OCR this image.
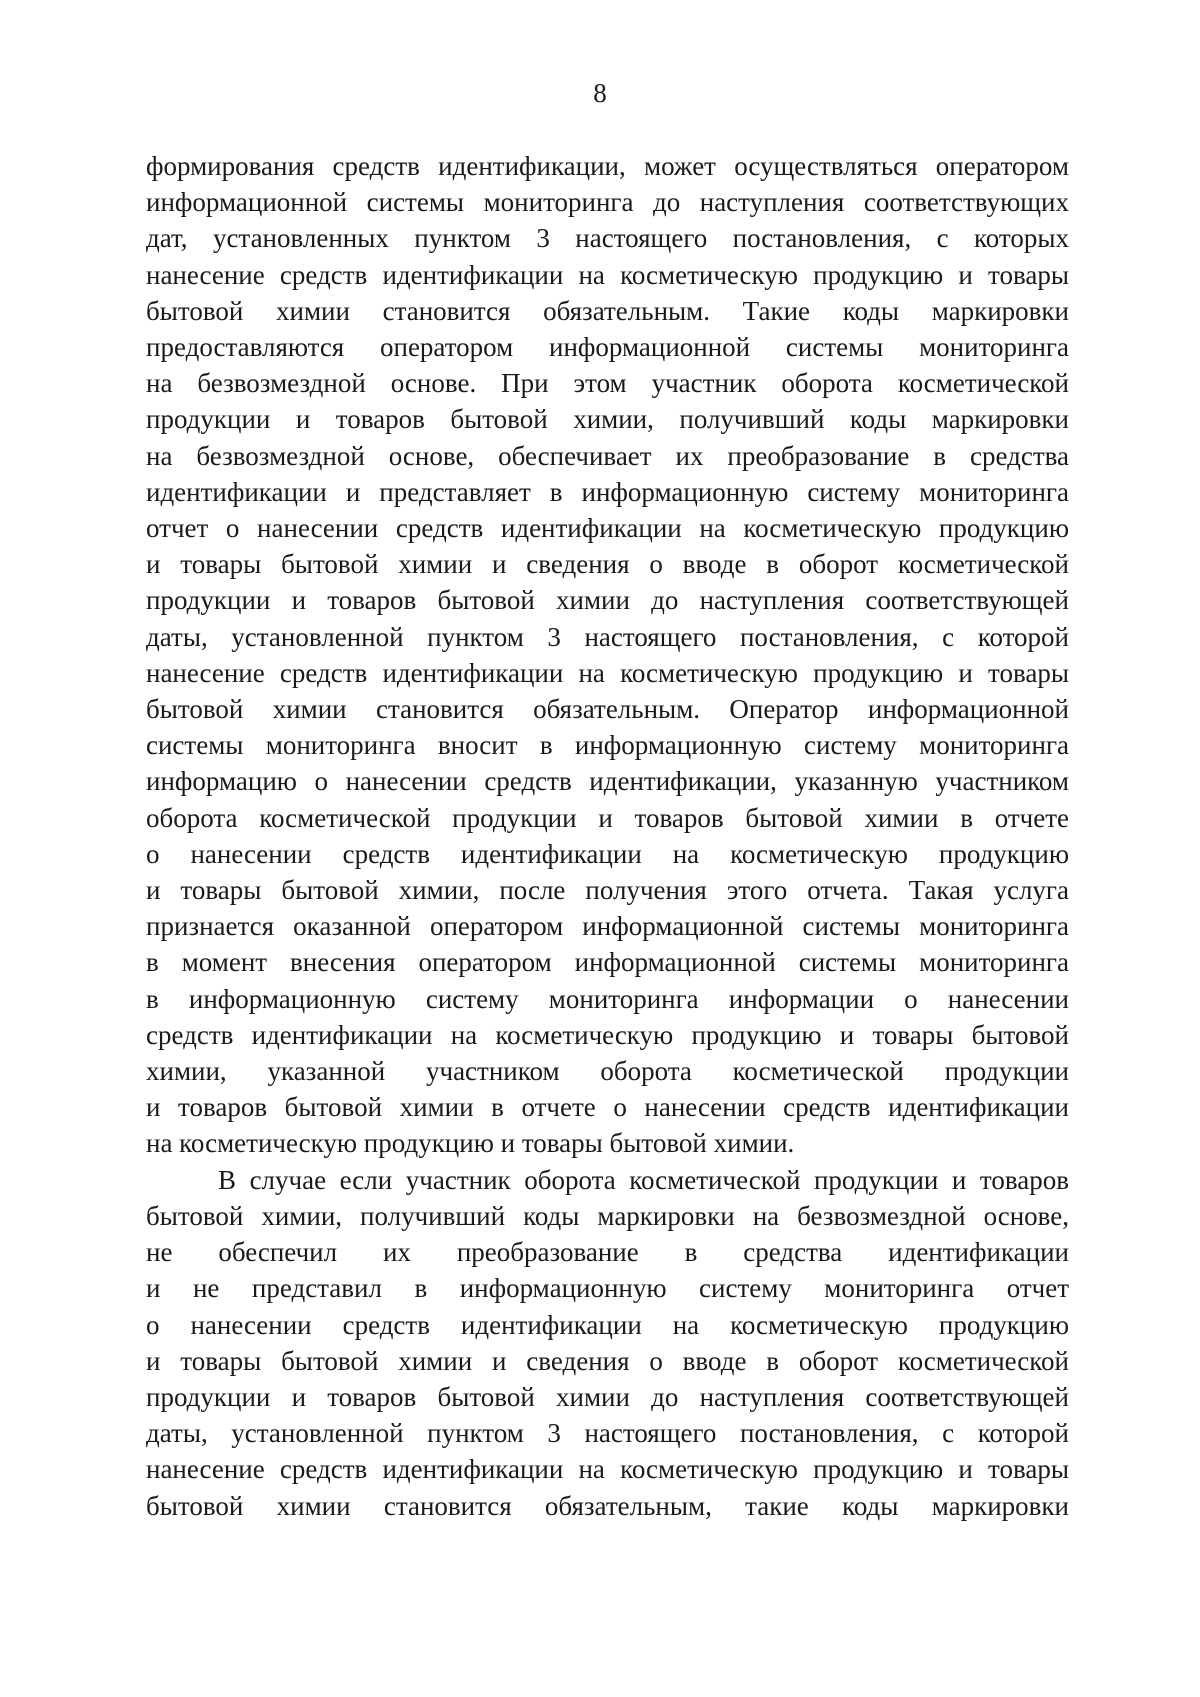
8

формирования средств идентификации, может осуществляться оператором
информационной системы мониторинга до наступления соответствующих
дат, установленных пунктом 3 настоящего постановления, с которых
нанесение средств идентификации на косметическую продукцию и товары
бытовой химии становится обязательным. Такие коды маркировки
предоставляются оператором информационной системы мониторинга
на безвозмездной основе. При этом участник оборота косметической
продукции и товаров бытовой химии, получивший коды маркировки
на безвозмездной основе, обеспечивает их преобразование в средства
идентификации и представляет в информационную систему мониторинга
отчет о нанесении средств идентификации на косметическую продукцию
и товары бытовой химии и сведения о вводе в оборот косметической
продукции и товаров бытовой химии до наступления соответствующей
даты, установленной пунктом 3 настоящего постановления, с которой
нанесение средств идентификации на косметическую продукцию и товары
бытовой химии становится обязательным. Оператор информационной
системы мониторинга вносит в информационную систему мониторинга
информацию о нанесении средств идентификации, указанную участником
оборота косметической продукции и товаров бытовой химии в отчете
о нанесении средств идентификации на косметическую продукцию
и товары бытовой химии, после получения этого отчета. Такая услуга
признается оказанной оператором информационной системы мониторинга
в момент внесения оператором информационной системы мониторинга
в информационную систему мониторинга информации о нанесении
средств идентификации на косметическую продукцию и товары бытовой
химии, указанной участником оборота косметической продукции
и товаров бытовой химии в отчете о нанесении средств идентификации
на косметическую продукцию и товары бытовой химии.

В случае если участник оборота косметической продукции и товаров
бытовой химии, получивший коды маркировки на безвозмездной основе,
не обеспечил их преобразование в средства идентификации
и не представил в информационную систему мониторинга отчет
о нанесении средств идентификации на косметическую продукцию
и товары бытовой химии и сведения о вводе в оборот косметической
продукции и товаров бытовой химии до наступления соответствующей
даты, установленной пунктом 3 настоящего постановления, с которой
нанесение средств идентификации на косметическую продукцию и товары
бытовой химии становится обязательным, такие коды маркировки
